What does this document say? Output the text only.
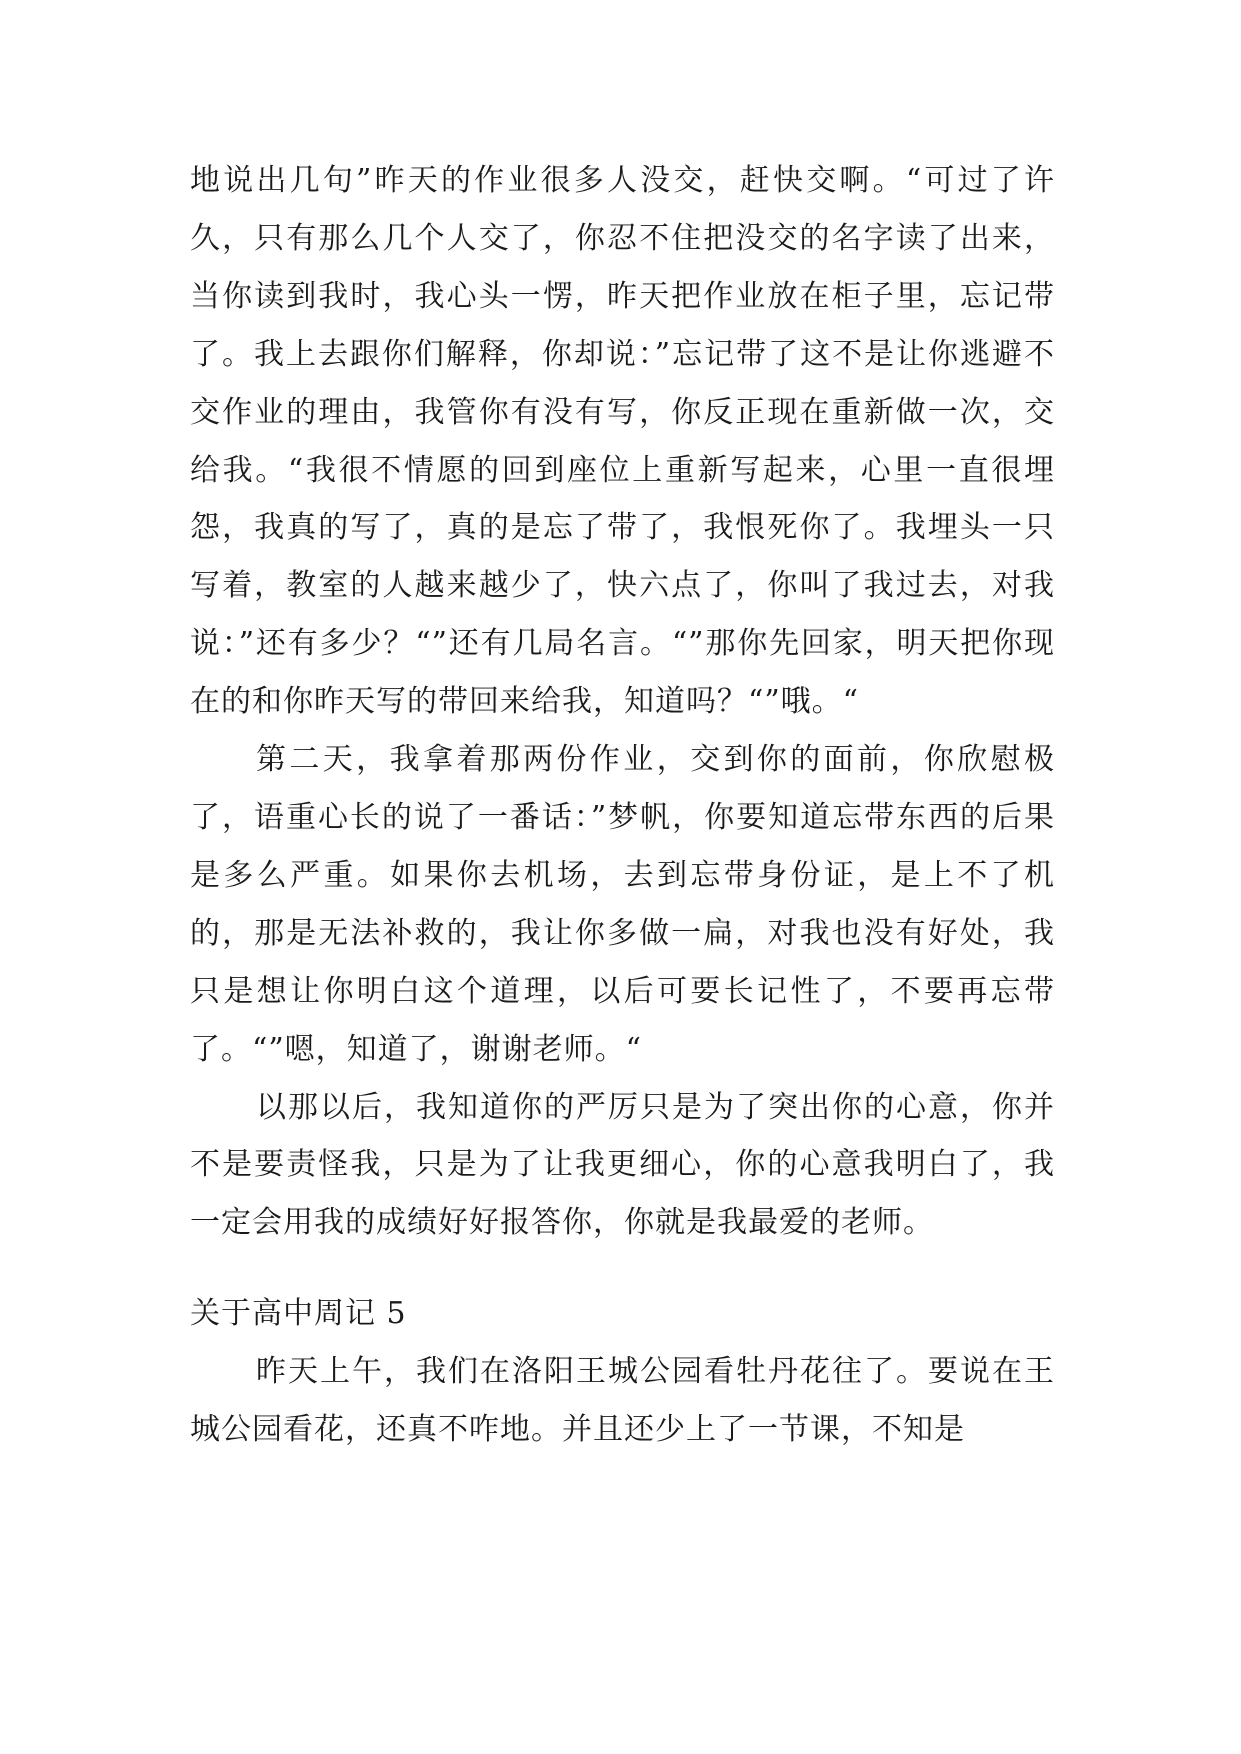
地说出几句”昨天的作业很多人没交，赶快交啊。“可过了许久，只有那么几个人交了，你忍不住把没交的名字读了出来，当你读到我时，我心头一愣，昨天把作业放在柜子里，忘记带了。我上去跟你们解释，你却说：”忘记带了这不是让你逃避不交作业的理由，我管你有没有写，你反正现在重新做一次，交给我。“我很不情愿的回到座位上重新写起来，心里一直很埋怨，我真的写了，真的是忘了带了，我恨死你了。我埋头一只写着，教室的人越来越少了，快六点了，你叫了我过去，对我说：”还有多少？“”还有几局名言。“”那你先回家，明天把你现在的和你昨天写的带回来给我，知道吗？“”哦。“

第二天，我拿着那两份作业，交到你的面前，你欣慰极了，语重心长的说了一番话：”梦帆，你要知道忘带东西的后果是多么严重。如果你去机场，去到忘带身份证，是上不了机的，那是无法补救的，我让你多做一扁，对我也没有好处，我只是想让你明白这个道理，以后可要长记性了，不要再忘带了。“”嗯，知道了，谢谢老师。“

以那以后，我知道你的严厉只是为了突出你的心意，你并不是要责怪我，只是为了让我更细心，你的心意我明白了，我一定会用我的成绩好好报答你，你就是我最爱的老师。

关于高中周记 5

昨天上午，我们在洛阳王城公园看牡丹花往了。要说在王城公园看花，还真不咋地。并且还少上了一节课，不知是
